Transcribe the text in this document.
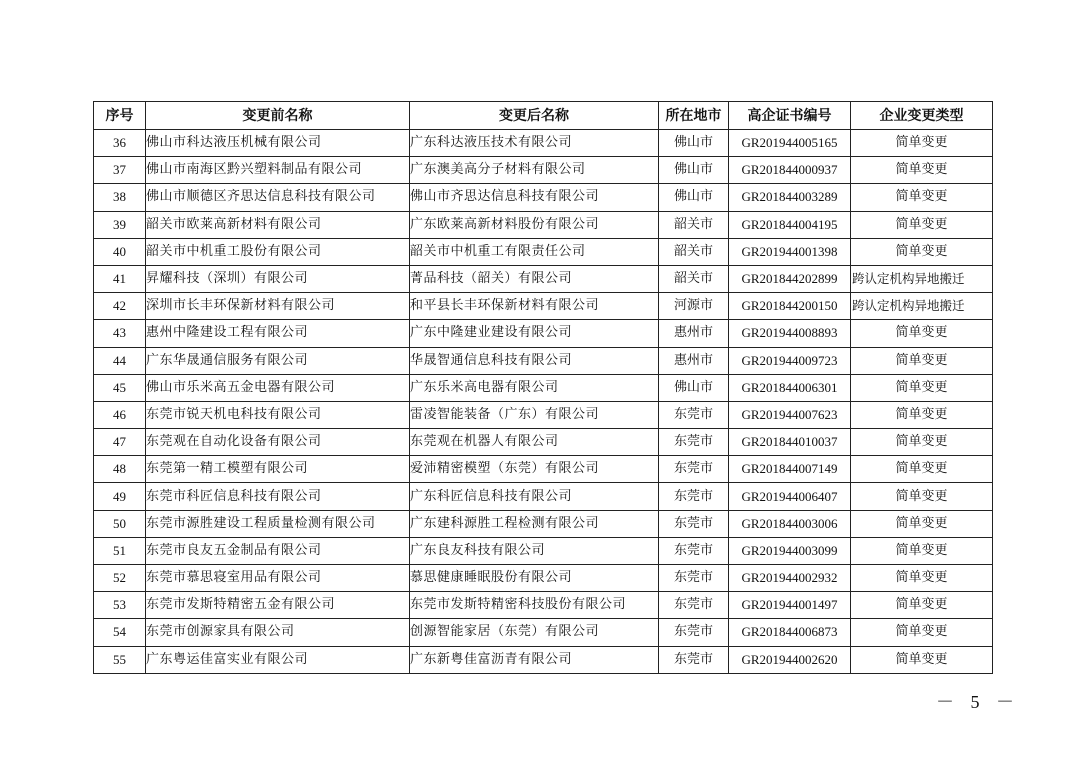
序号	变更前名称	变更后名称	所在地市	高企证书编号	企业变更类型
36	佛山市科达液压机械有限公司	广东科达液压技术有限公司	佛山市	GR201944005165	简单变更
37	佛山市南海区黔兴塑料制品有限公司	广东澳美高分子材料有限公司	佛山市	GR201844000937	简单变更
38	佛山市顺德区齐思达信息科技有限公司	佛山市齐思达信息科技有限公司	佛山市	GR201844003289	简单变更
39	韶关市欧莱高新材料有限公司	广东欧莱高新材料股份有限公司	韶关市	GR201844004195	简单变更
40	韶关市中机重工股份有限公司	韶关市中机重工有限责任公司	韶关市	GR201944001398	简单变更
41	昇耀科技（深圳）有限公司	菁品科技（韶关）有限公司	韶关市	GR201844202899	跨认定机构异地搬迁
42	深圳市长丰环保新材料有限公司	和平县长丰环保新材料有限公司	河源市	GR201844200150	跨认定机构异地搬迁
43	惠州中隆建设工程有限公司	广东中隆建业建设有限公司	惠州市	GR201944008893	简单变更
44	广东华晟通信服务有限公司	华晟智通信息科技有限公司	惠州市	GR201944009723	简单变更
45	佛山市乐米高五金电器有限公司	广东乐米高电器有限公司	佛山市	GR201844006301	简单变更
46	东莞市锐天机电科技有限公司	雷凌智能装备（广东）有限公司	东莞市	GR201944007623	简单变更
47	东莞观在自动化设备有限公司	东莞观在机器人有限公司	东莞市	GR201844010037	简单变更
48	东莞第一精工模塑有限公司	爱沛精密模塑（东莞）有限公司	东莞市	GR201844007149	简单变更
49	东莞市科匠信息科技有限公司	广东科匠信息科技有限公司	东莞市	GR201944006407	简单变更
50	东莞市源胜建设工程质量检测有限公司	广东建科源胜工程检测有限公司	东莞市	GR201844003006	简单变更
51	东莞市良友五金制品有限公司	广东良友科技有限公司	东莞市	GR201944003099	简单变更
52	东莞市慕思寝室用品有限公司	慕思健康睡眠股份有限公司	东莞市	GR201944002932	简单变更
53	东莞市发斯特精密五金有限公司	东莞市发斯特精密科技股份有限公司	东莞市	GR201944001497	简单变更
54	东莞市创源家具有限公司	创源智能家居（东莞）有限公司	东莞市	GR201844006873	简单变更
55	广东粤运佳富实业有限公司	广东新粤佳富沥青有限公司	东莞市	GR201944002620	简单变更
－ 5 －
